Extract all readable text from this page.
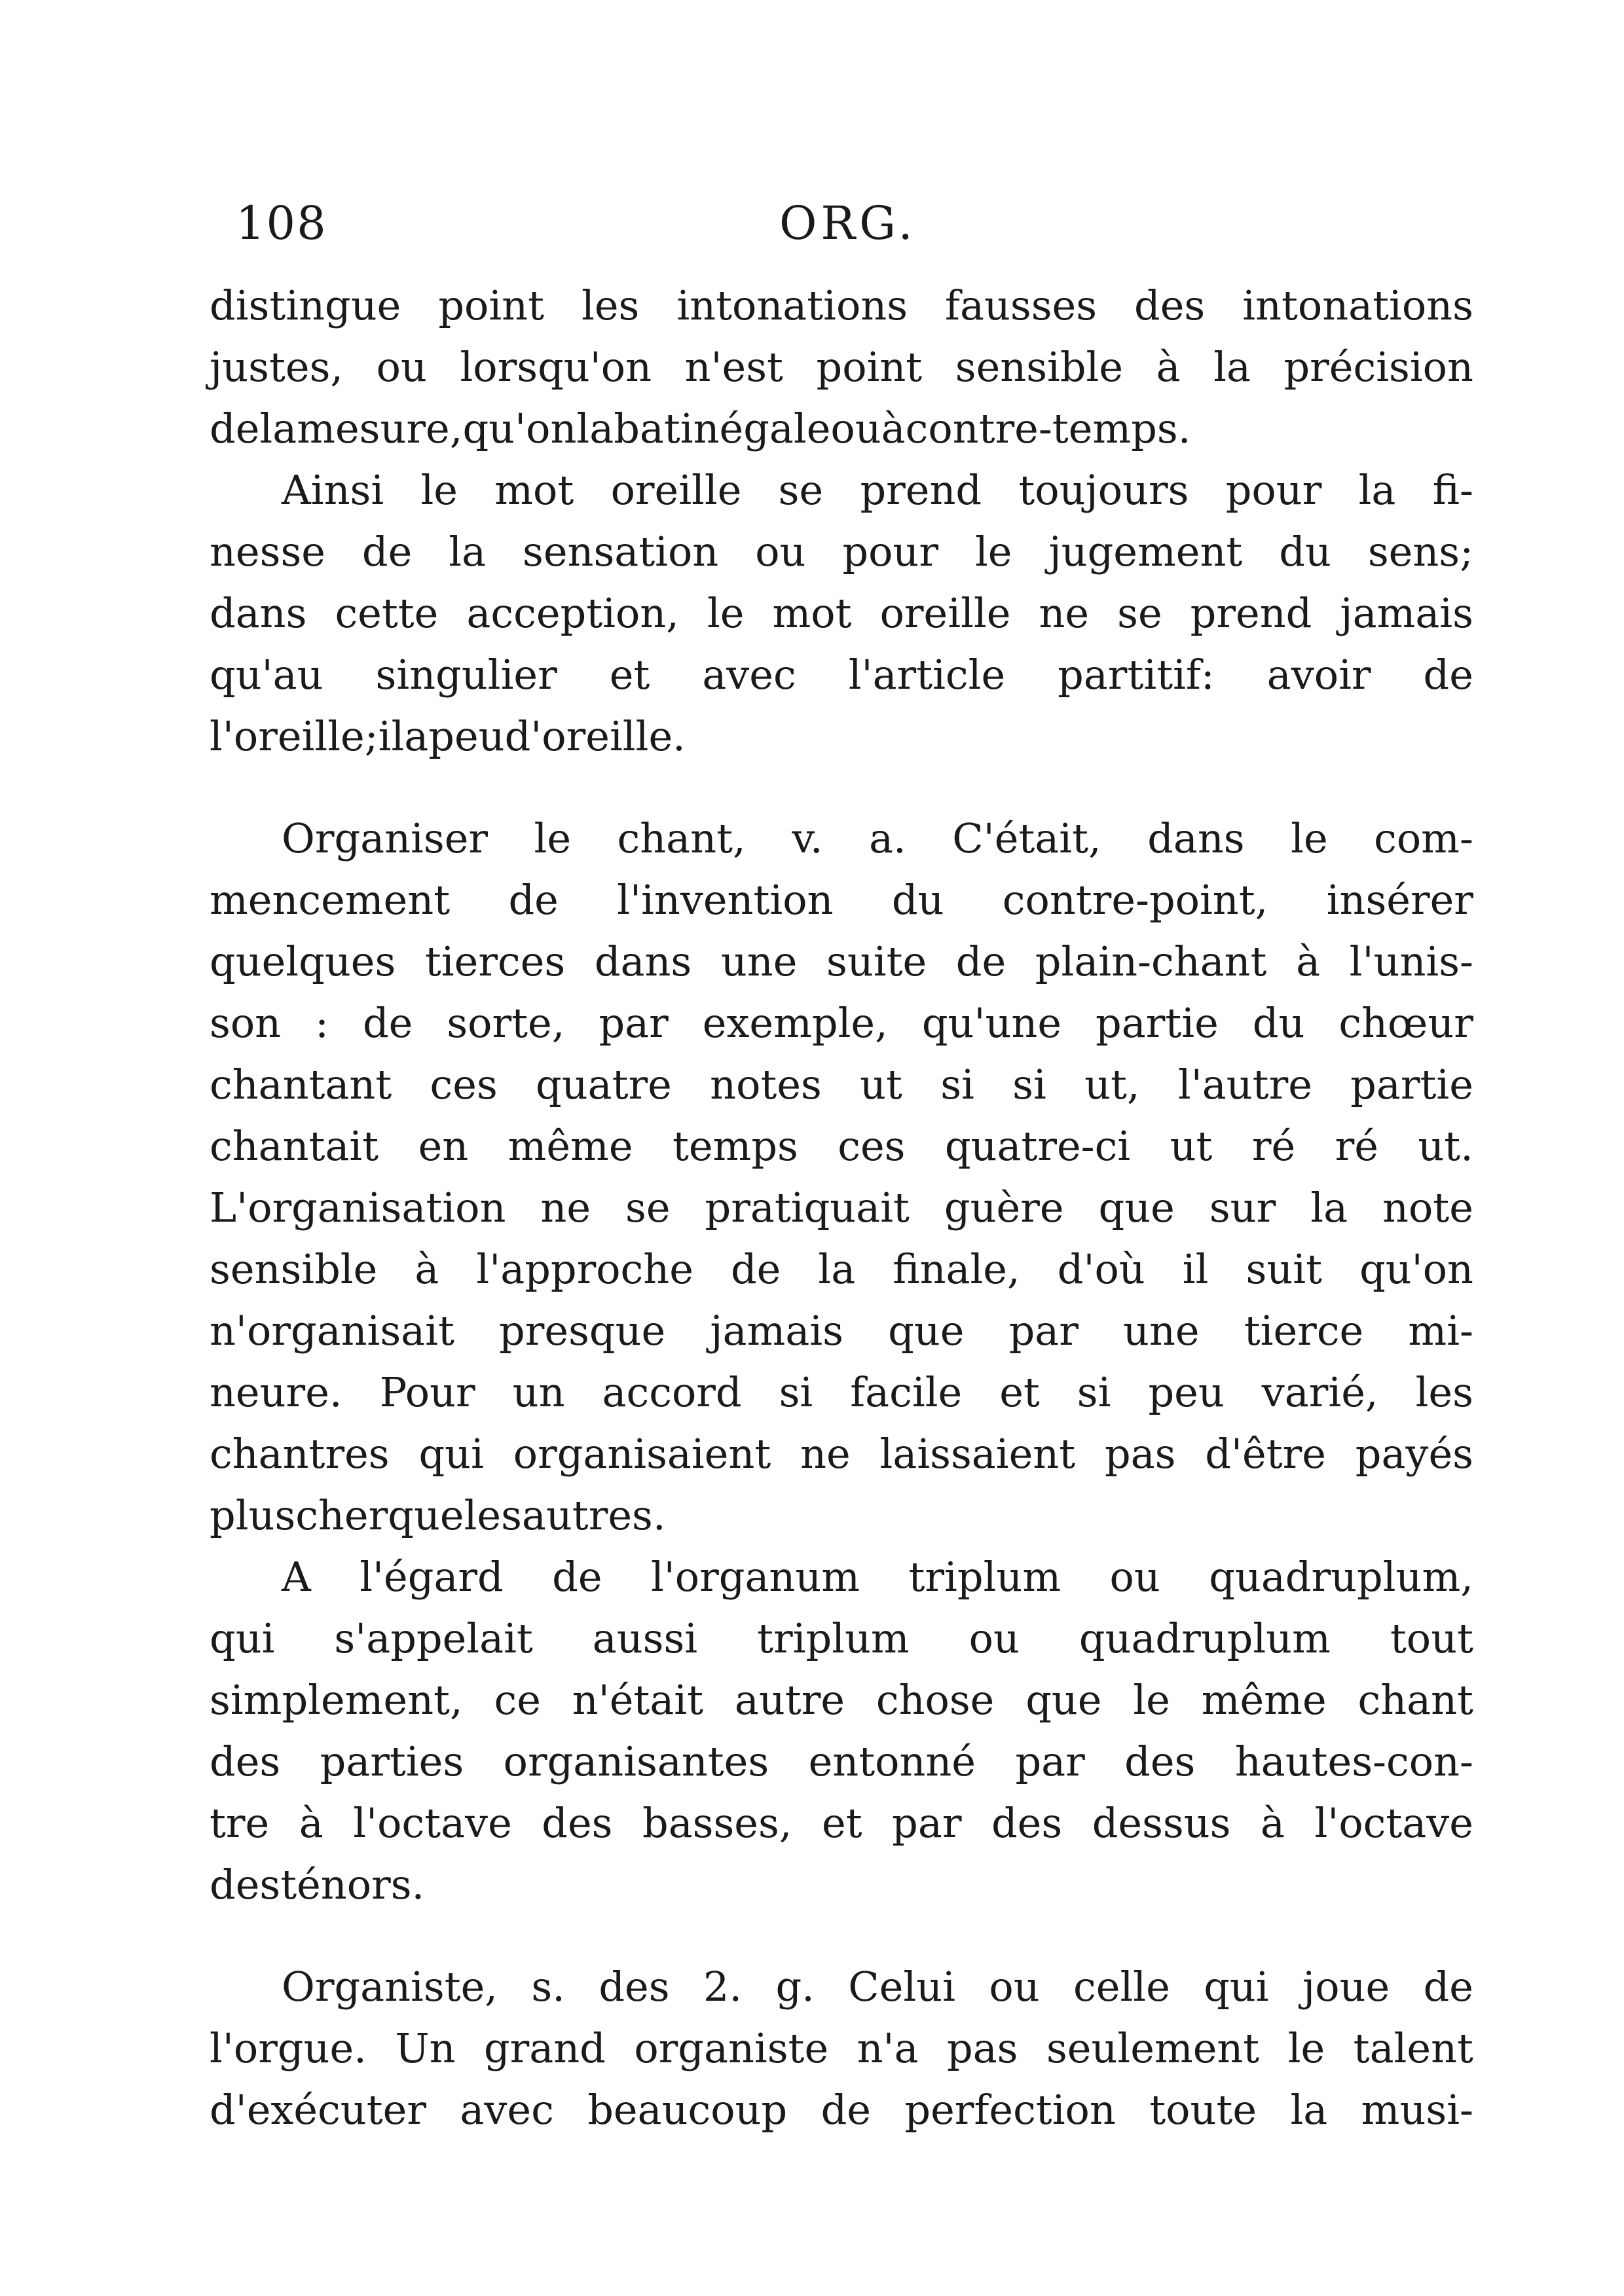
108	ORG.
distingue point les intonations fausses des intonations
justes, ou lorsqu'on n'est point sensible à la précision
de la mesure, qu'on la bat inégale ou à contre-temps.
Ainsi le mot oreille se prend toujours pour la fi-
nesse de la sensation ou pour le jugement du sens;
dans cette acception, le mot oreille ne se prend jamais
qu'au singulier et avec l'article partitif: avoir de
l'oreille; il a peu d'oreille.
Organiser le chant, v. a. C'était, dans le com-
mencement de l'invention du contre-point, insérer
quelques tierces dans une suite de plain-chant à l'unis-
son : de sorte, par exemple, qu'une partie du chœur
chantant ces quatre notes ut si si ut, l'autre partie
chantait en même temps ces quatre-ci ut ré ré ut.
L'organisation ne se pratiquait guère que sur la note
sensible à l'approche de la finale, d'où il suit qu'on
n'organisait presque jamais que par une tierce mi-
neure. Pour un accord si facile et si peu varié, les
chantres qui organisaient ne laissaient pas d'être payés
plus cher que les autres.
A l'égard de l'organum triplum ou quadruplum,
qui s'appelait aussi triplum ou quadruplum tout
simplement, ce n'était autre chose que le même chant
des parties organisantes entonné par des hautes-con-
tre à l'octave des basses, et par des dessus à l'octave
des ténors.
Organiste, s. des 2. g. Celui ou celle qui joue de
l'orgue. Un grand organiste n'a pas seulement le talent
d'exécuter avec beaucoup de perfection toute la musi-
